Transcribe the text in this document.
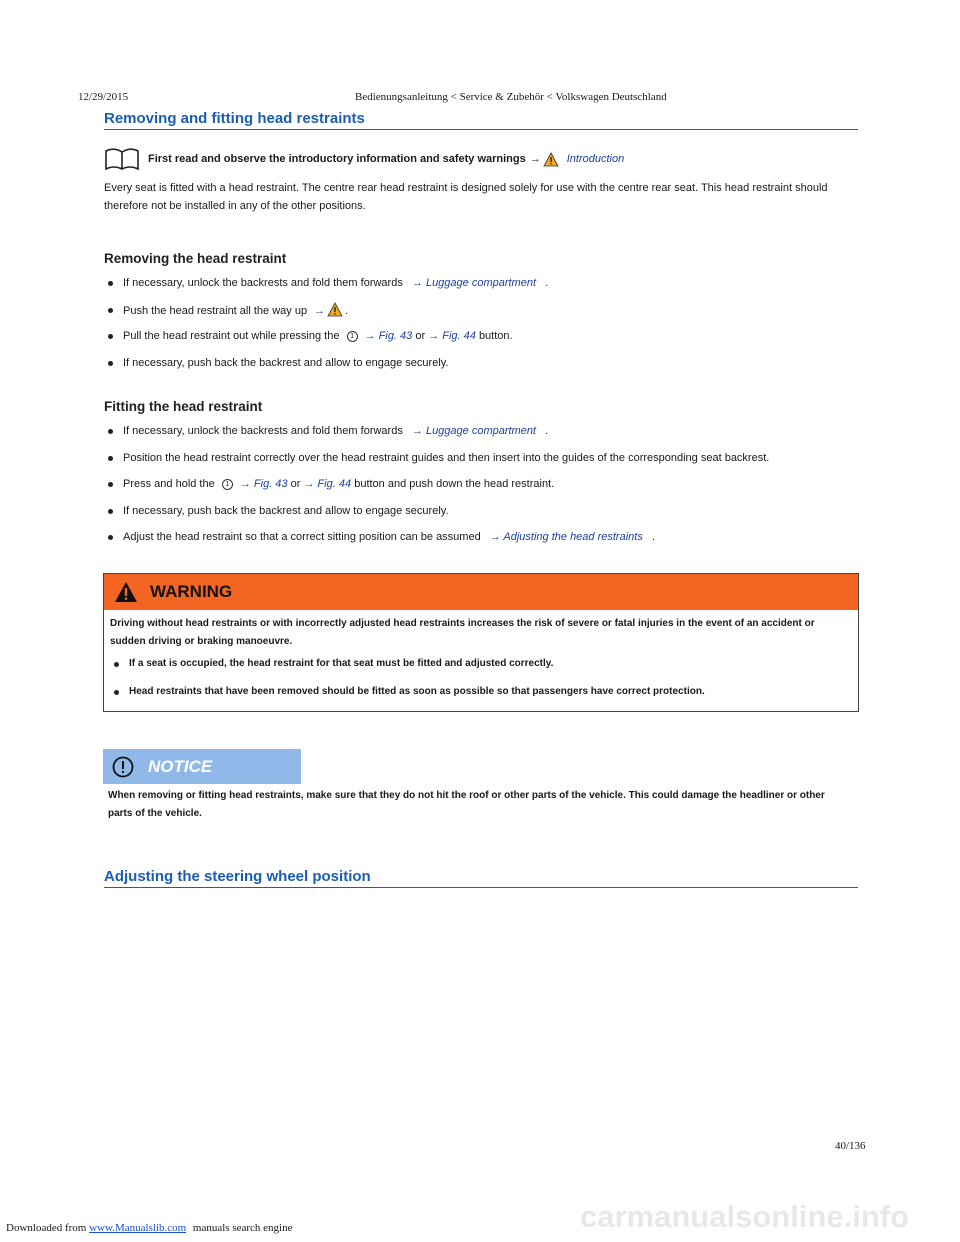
12/29/2015	Bedienungsanleitung < Service & Zubehör < Volkswagen Deutschland
Removing and fitting head restraints
First read and observe the introductory information and safety warnings → Introduction
Every seat is fitted with a head restraint. The centre rear head restraint is designed solely for use with the centre rear seat. This head restraint should therefore not be installed in any of the other positions.
Removing the head restraint
If necessary, unlock the backrests and fold them forwards → Luggage compartment .
Push the head restraint all the way up → .
Pull the head restraint out while pressing the 1 → Fig. 43 or → Fig. 44 button.
If necessary, push back the backrest and allow to engage securely.
Fitting the head restraint
If necessary, unlock the backrests and fold them forwards → Luggage compartment .
Position the head restraint correctly over the head restraint guides and then insert into the guides of the corresponding seat backrest.
Press and hold the 1 → Fig. 43 or → Fig. 44 button and push down the head restraint.
If necessary, push back the backrest and allow to engage securely.
Adjust the head restraint so that a correct sitting position can be assumed → Adjusting the head restraints .
WARNING
Driving without head restraints or with incorrectly adjusted head restraints increases the risk of severe or fatal injuries in the event of an accident or sudden driving or braking manoeuvre.
If a seat is occupied, the head restraint for that seat must be fitted and adjusted correctly.
Head restraints that have been removed should be fitted as soon as possible so that passengers have correct protection.
NOTICE
When removing or fitting head restraints, make sure that they do not hit the roof or other parts of the vehicle. This could damage the headliner or other parts of the vehicle.
Adjusting the steering wheel position
40/136
Downloaded from www.Manualslib.com manuals search engine	carmanualsonline.info
